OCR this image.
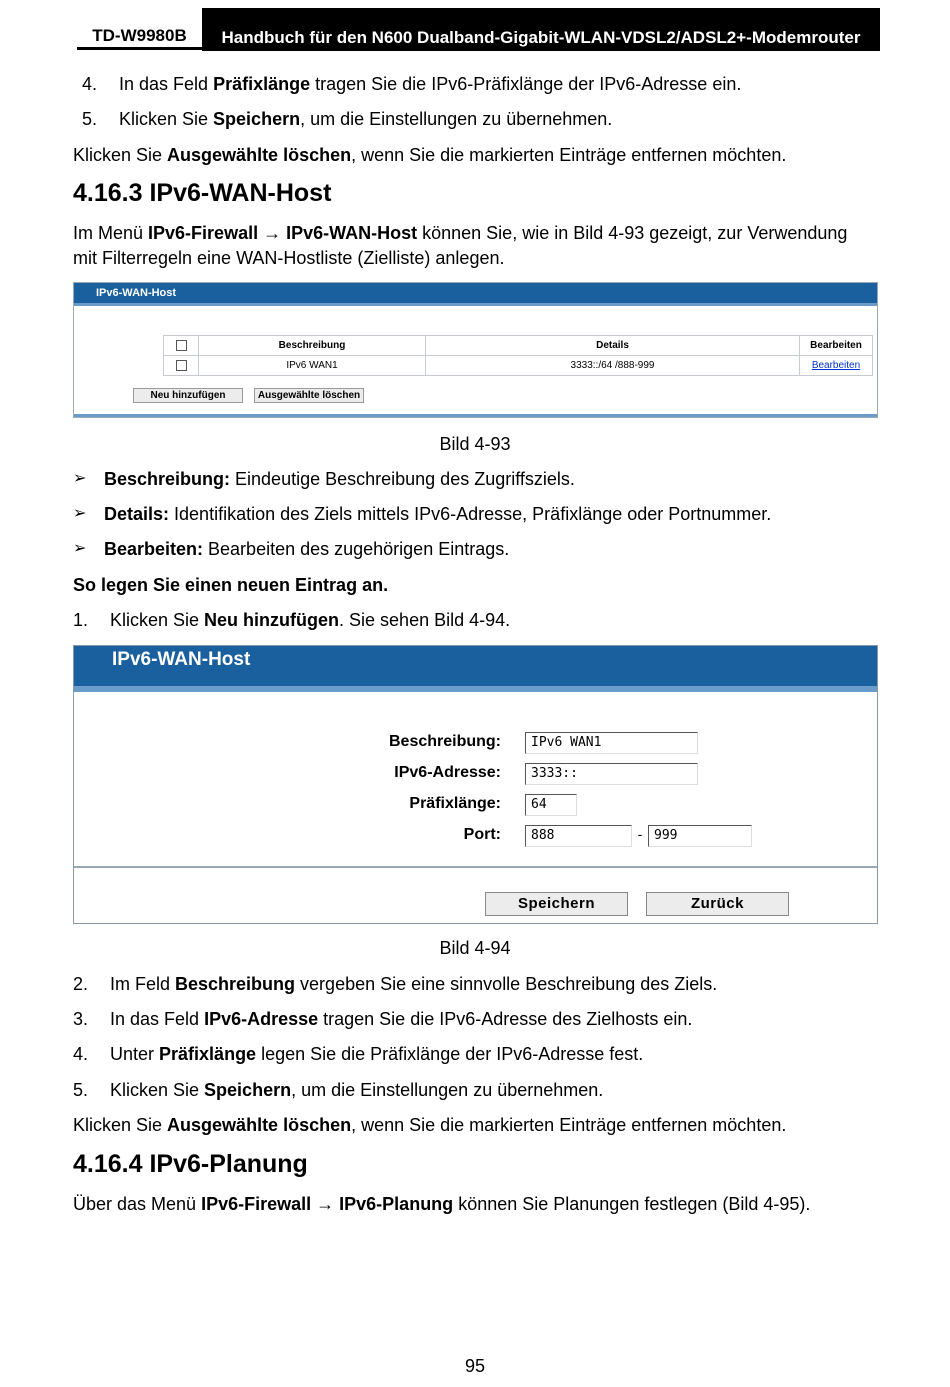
TD-W9980B	Handbuch für den N600 Dualband-Gigabit-WLAN-VDSL2/ADSL2+-Modemrouter
4. In das Feld Präfixlänge tragen Sie die IPv6-Präfixlänge der IPv6-Adresse ein.
5. Klicken Sie Speichern, um die Einstellungen zu übernehmen.
Klicken Sie Ausgewählte löschen, wenn Sie die markierten Einträge entfernen möchten.
4.16.3 IPv6-WAN-Host
Im Menü IPv6-Firewall → IPv6-WAN-Host können Sie, wie in Bild 4-93 gezeigt, zur Verwendung
mit Filterregeln eine WAN-Hostliste (Zielliste) anlegen.
IPv6-WAN-Host
	Beschreibung	Details	Bearbeiten
	IPv6 WAN1	3333::/64 /888-999	Bearbeiten
Neu hinzufügen	Ausgewählte löschen
Bild 4-93
➢ Beschreibung: Eindeutige Beschreibung des Zugriffsziels.
➢ Details: Identifikation des Ziels mittels IPv6-Adresse, Präfixlänge oder Portnummer.
➢ Bearbeiten: Bearbeiten des zugehörigen Eintrags.
So legen Sie einen neuen Eintrag an.
1. Klicken Sie Neu hinzufügen. Sie sehen Bild 4-94.
IPv6-WAN-Host
Beschreibung:	IPv6 WAN1
IPv6-Adresse:	3333::
Präfixlänge:	64
Port:	888	- 999
Speichern	Zurück
Bild 4-94
2. Im Feld Beschreibung vergeben Sie eine sinnvolle Beschreibung des Ziels.
3. In das Feld IPv6-Adresse tragen Sie die IPv6-Adresse des Zielhosts ein.
4. Unter Präfixlänge legen Sie die Präfixlänge der IPv6-Adresse fest.
5. Klicken Sie Speichern, um die Einstellungen zu übernehmen.
Klicken Sie Ausgewählte löschen, wenn Sie die markierten Einträge entfernen möchten.
4.16.4 IPv6-Planung
Über das Menü IPv6-Firewall → IPv6-Planung können Sie Planungen festlegen (Bild 4-95).
95
